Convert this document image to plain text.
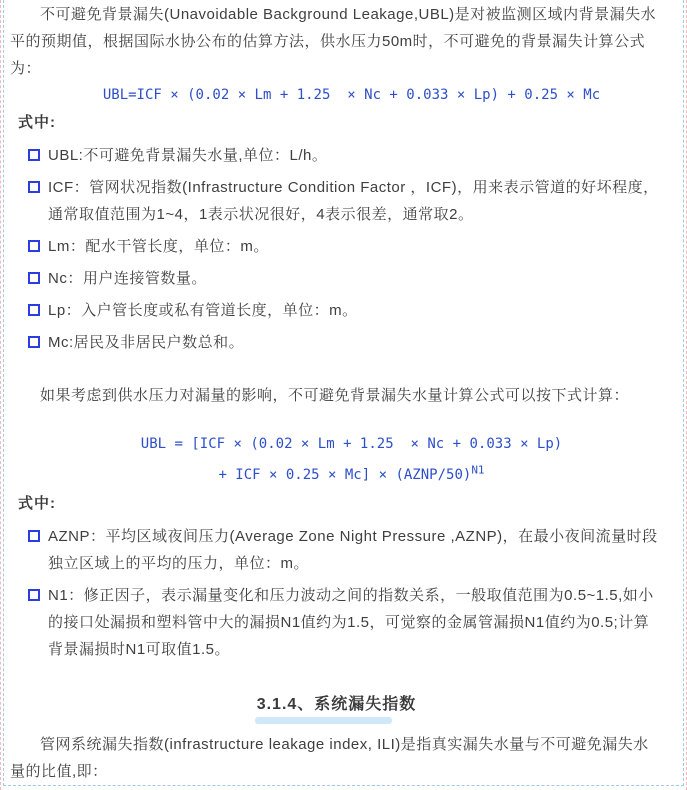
不可避免背景漏失(Unavoidable Background Leakage,UBL)是对被监测区域内背景漏失水平的预期值，根据国际水协公布的估算方法，供水压力50m时，不可避免的背景漏失计算公式为：

UBL=ICF × (0.02 × Lm + 1.25  × Nc + 0.033 × Lp) + 0.25 × Mc
式中:
UBL:不可避免背景漏失水量,单位：L/h。
ICF：管网状况指数(Infrastructure Condition Factor ，ICF)，用来表示管道的好坏程度，通常取值范围为1~4，1表示状况很好，4表示很差，通常取2。
Lm：配水干管长度，单位：m。
Nc：用户连接管数量。
Lp：入户管长度或私有管道长度，单位：m。
Mc:居民及非居民户数总和。

如果考虑到供水压力对漏量的影响，不可避免背景漏失水量计算公式可以按下式计算：

UBL = [ICF × (0.02 × Lm + 1.25  × Nc + 0.033 × Lp)
+ ICF × 0.25 × Mc] × (AZNP/50)$^{N1}$
式中:
AZNP：平均区域夜间压力(Average Zone Night Pressure ,AZNP)，在最小夜间流量时段独立区域上的平均的压力，单位：m。
N1：修正因子，表示漏量变化和压力波动之间的指数关系，一般取值范围为0.5~1.5,如小的接口处漏损和塑料管中大的漏损N1值约为1.5，可觉察的金属管漏损N1值约为0.5;计算背景漏损时N1可取值1.5。
3.1.4、系统漏失指数

管网系统漏失指数(infrastructure leakage index, ILI)是指真实漏失水量与不可避免漏失水量的比值,即：
